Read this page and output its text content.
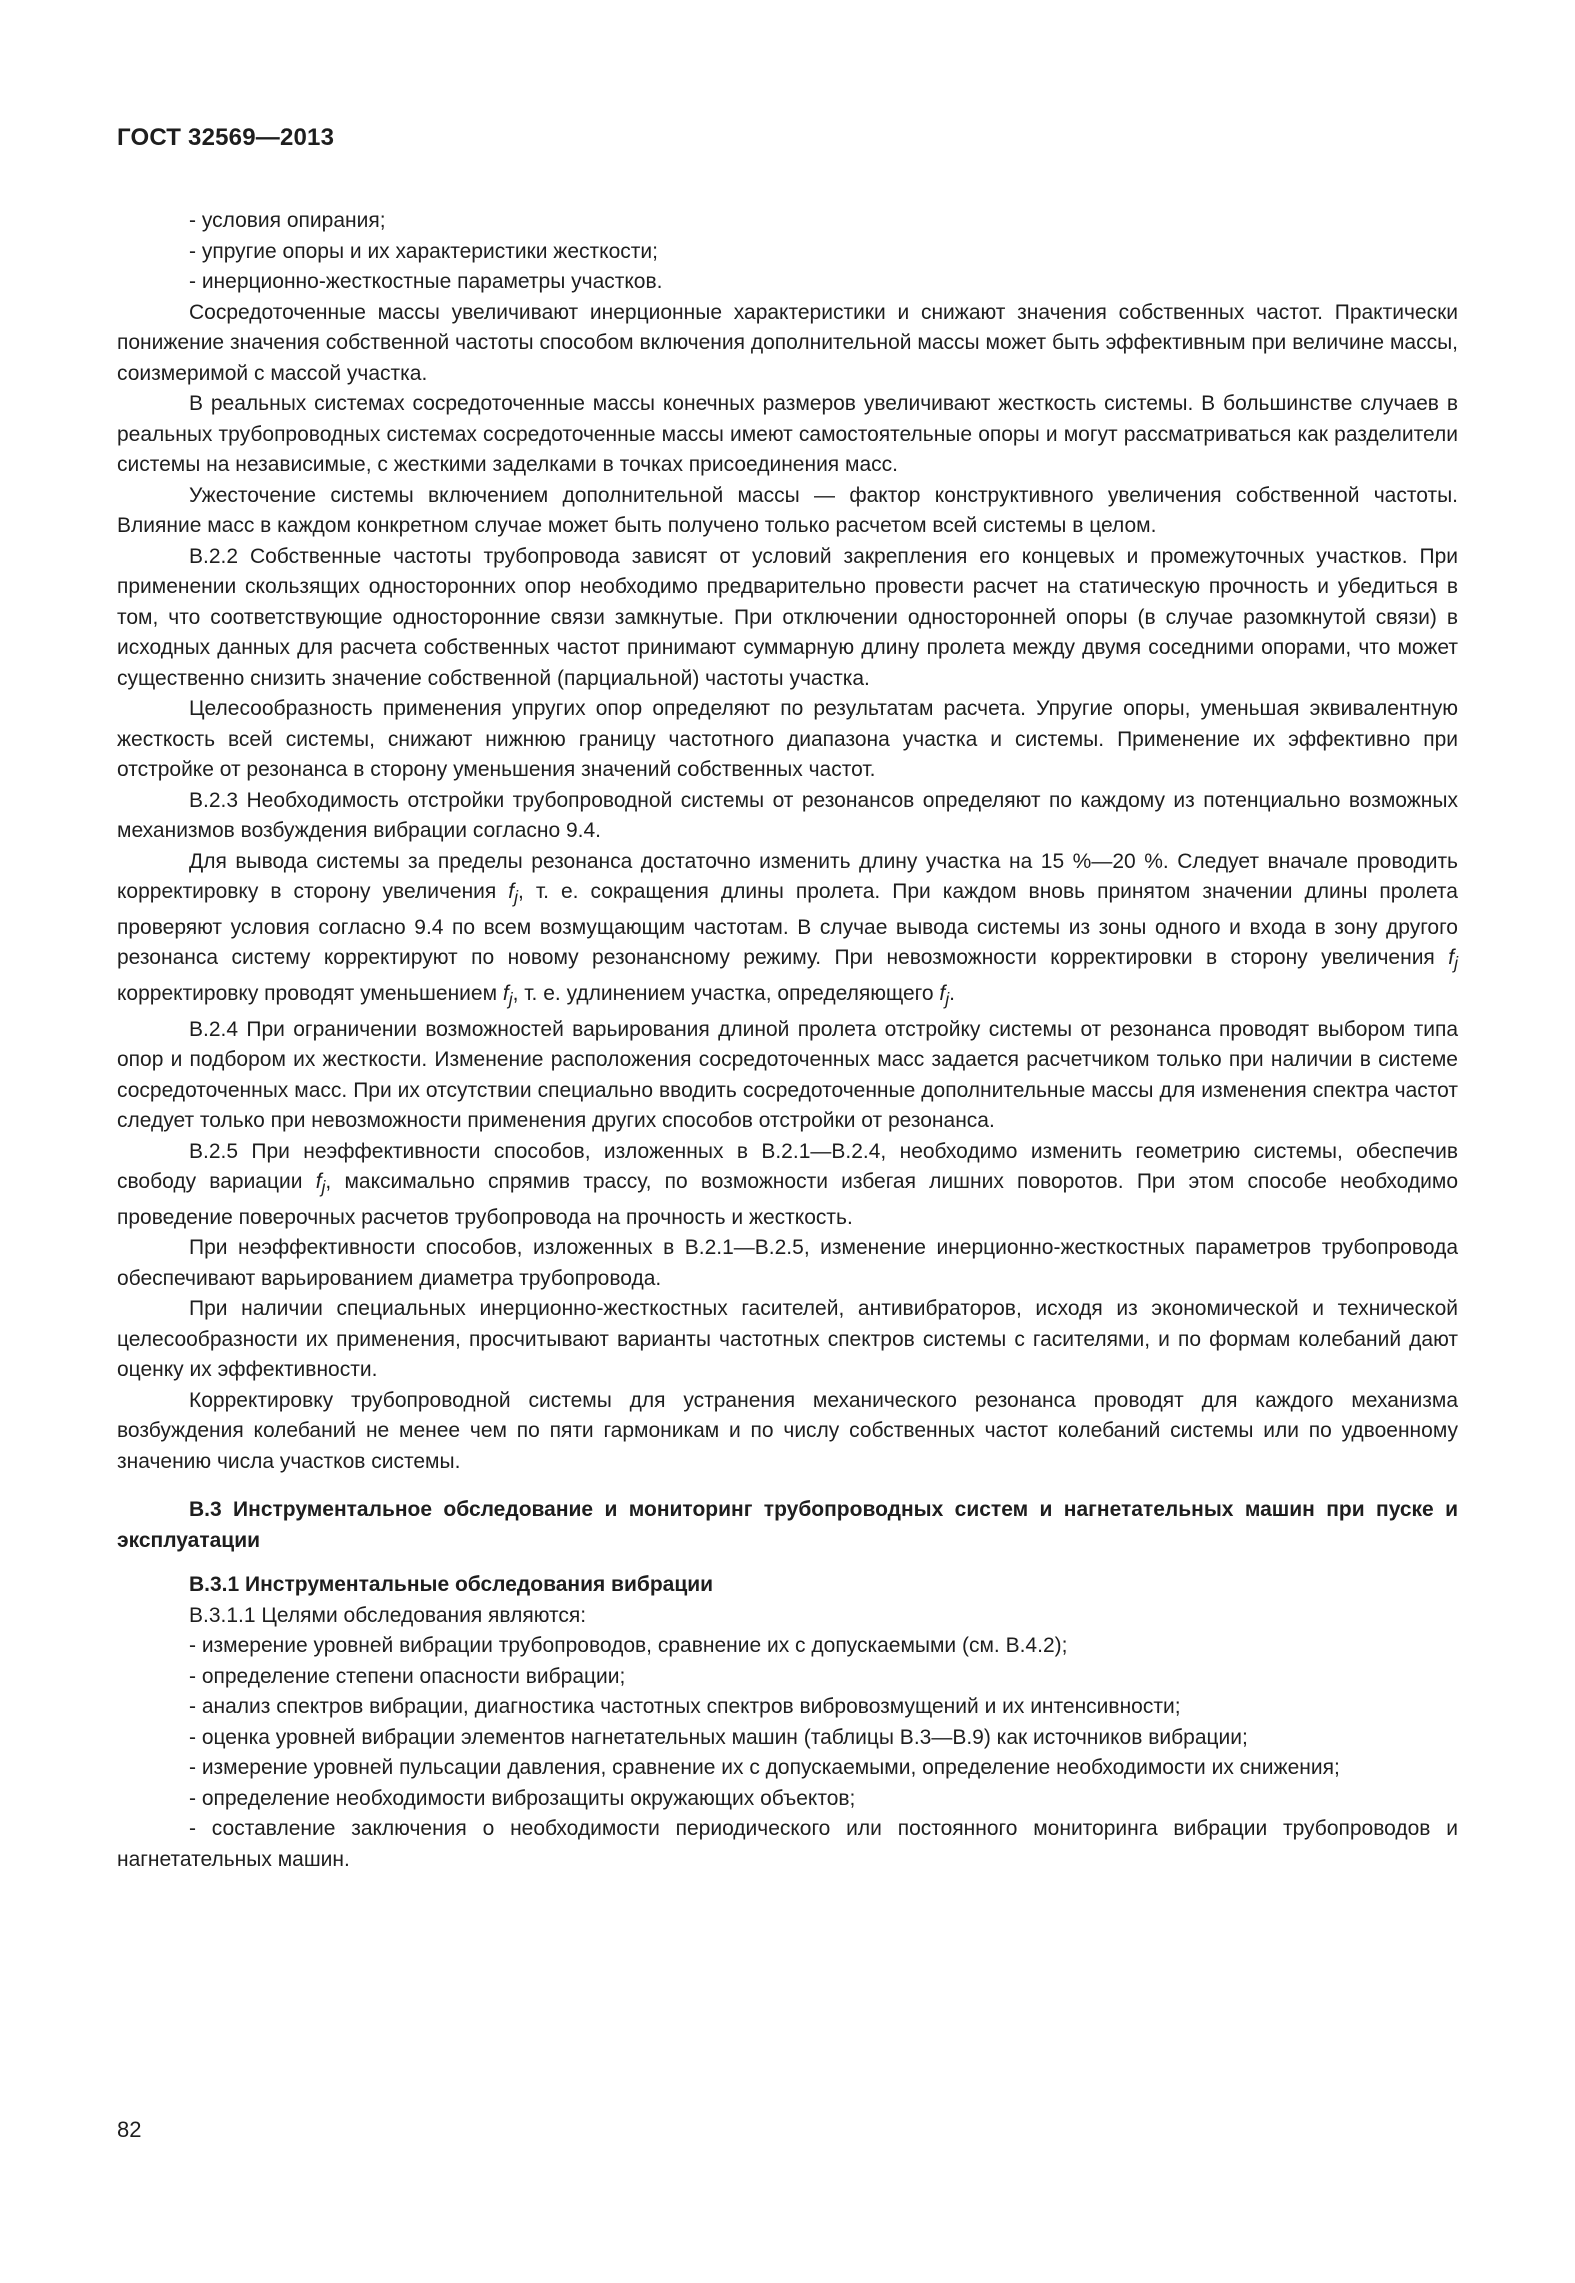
ГОСТ 32569—2013

- условия опирания;

- упругие опоры и их характеристики жесткости;

- инерционно-жесткостные параметры участков.

Сосредоточенные массы увеличивают инерционные характеристики и снижают значения собственных частот. Практически понижение значения собственной частоты способом включения дополнительной массы может быть эффективным при величине массы, соизмеримой с массой участка.

В реальных системах сосредоточенные массы конечных размеров увеличивают жесткость системы. В большинстве случаев в реальных трубопроводных системах сосредоточенные массы имеют самостоятельные опоры и могут рассматриваться как разделители системы на независимые, с жесткими заделками в точках присоединения масс.

Ужесточение системы включением дополнительной массы — фактор конструктивного увеличения собственной частоты. Влияние масс в каждом конкретном случае может быть получено только расчетом всей системы в целом.

В.2.2 Собственные частоты трубопровода зависят от условий закрепления его концевых и промежуточных участков. При применении скользящих односторонних опор необходимо предварительно провести расчет на статическую прочность и убедиться в том, что соответствующие односторонние связи замкнутые. При отключении односторонней опоры (в случае разомкнутой связи) в исходных данных для расчета собственных частот принимают суммарную длину пролета между двумя соседними опорами, что может существенно снизить значение собственной (парциальной) частоты участка.

Целесообразность применения упругих опор определяют по результатам расчета. Упругие опоры, уменьшая эквивалентную жесткость всей системы, снижают нижнюю границу частотного диапазона участка и системы. Применение их эффективно при отстройке от резонанса в сторону уменьшения значений собственных частот.

В.2.3 Необходимость отстройки трубопроводной системы от резонансов определяют по каждому из потенциально возможных механизмов возбуждения вибрации согласно 9.4.

Для вывода системы за пределы резонанса достаточно изменить длину участка на 15 %—20 %. Следует вначале проводить корректировку в сторону увеличения $f_j$, т. е. сокращения длины пролета. При каждом вновь принятом значении длины пролета проверяют условия согласно 9.4 по всем возмущающим частотам. В случае вывода системы из зоны одного и входа в зону другого резонанса систему корректируют по новому резонансному режиму. При невозможности корректировки в сторону увеличения $f_j$ корректировку проводят уменьшением $f_j$, т. е. удлинением участка, определяющего $f_j$.

В.2.4 При ограничении возможностей варьирования длиной пролета отстройку системы от резонанса проводят выбором типа опор и подбором их жесткости. Изменение расположения сосредоточенных масс задается расчетчиком только при наличии в системе сосредоточенных масс. При их отсутствии специально вводить сосредоточенные дополнительные массы для изменения спектра частот следует только при невозможности применения других способов отстройки от резонанса.

В.2.5 При неэффективности способов, изложенных в В.2.1—В.2.4, необходимо изменить геометрию системы, обеспечив свободу вариации $f_j$, максимально спрямив трассу, по возможности избегая лишних поворотов. При этом способе необходимо проведение поверочных расчетов трубопровода на прочность и жесткость.

При неэффективности способов, изложенных в В.2.1—В.2.5, изменение инерционно-жесткостных параметров трубопровода обеспечивают варьированием диаметра трубопровода.

При наличии специальных инерционно-жесткостных гасителей, антивибраторов, исходя из экономической и технической целесообразности их применения, просчитывают варианты частотных спектров системы с гасителями, и по формам колебаний дают оценку их эффективности.

Корректировку трубопроводной системы для устранения механического резонанса проводят для каждого механизма возбуждения колебаний не менее чем по пяти гармоникам и по числу собственных частот колебаний системы или по удвоенному значению числа участков системы.

В.3 Инструментальное обследование и мониторинг трубопроводных систем и нагнетательных машин при пуске и эксплуатации

В.3.1 Инструментальные обследования вибрации

В.3.1.1 Целями обследования являются:

- измерение уровней вибрации трубопроводов, сравнение их с допускаемыми (см. В.4.2);

- определение степени опасности вибрации;

- анализ спектров вибрации, диагностика частотных спектров вибровозмущений и их интенсивности;

- оценка уровней вибрации элементов нагнетательных машин (таблицы В.3—В.9) как источников вибрации;

- измерение уровней пульсации давления, сравнение их с допускаемыми, определение необходимости их снижения;

- определение необходимости виброзащиты окружающих объектов;

- составление заключения о необходимости периодического или постоянного мониторинга вибрации трубопроводов и нагнетательных машин.

82
